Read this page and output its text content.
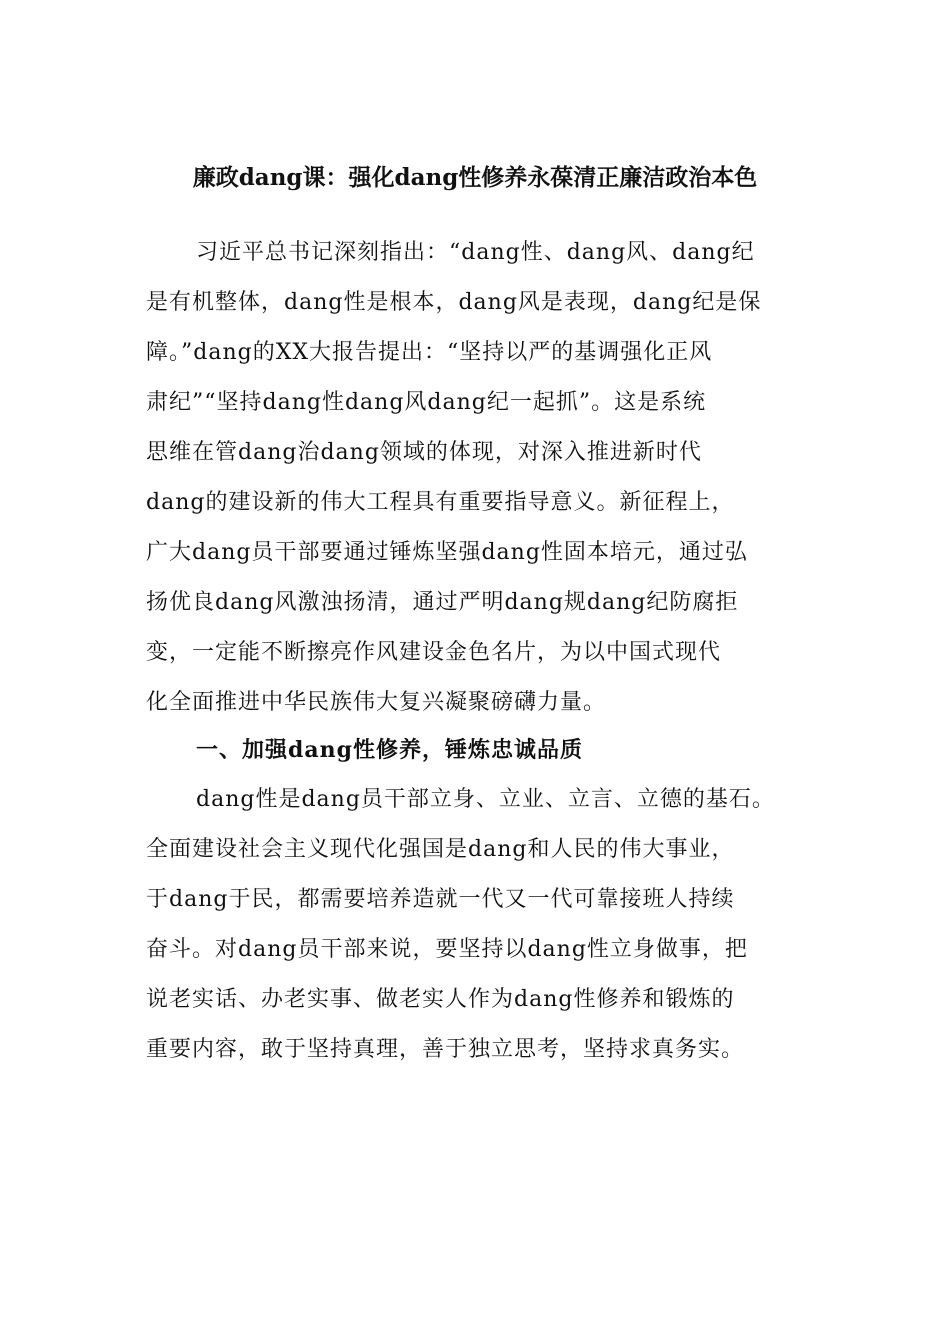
廉政dang课：强化dang性修养永葆清正廉洁政治本色
习近平总书记深刻指出：“dang性、dang风、dang纪
是有机整体，dang性是根本，dang风是表现，dang纪是保
障。”dang的XX大报告提出：“坚持以严的基调强化正风
肃纪”“坚持dang性dang风dang纪一起抓”。这是系统
思维在管dang治dang领域的体现，对深入推进新时代
dang的建设新的伟大工程具有重要指导意义。新征程上，
广大dang员干部要通过锤炼坚强dang性固本培元，通过弘
扬优良dang风激浊扬清，通过严明dang规dang纪防腐拒
变，一定能不断擦亮作风建设金色名片，为以中国式现代
化全面推进中华民族伟大复兴凝聚磅礴力量。
一、加强dang性修养，锤炼忠诚品质
dang性是dang员干部立身、立业、立言、立德的基石。
全面建设社会主义现代化强国是dang和人民的伟大事业，
于dang于民，都需要培养造就一代又一代可靠接班人持续
奋斗。对dang员干部来说，要坚持以dang性立身做事，把
说老实话、办老实事、做老实人作为dang性修养和锻炼的
重要内容，敢于坚持真理，善于独立思考，坚持求真务实。
